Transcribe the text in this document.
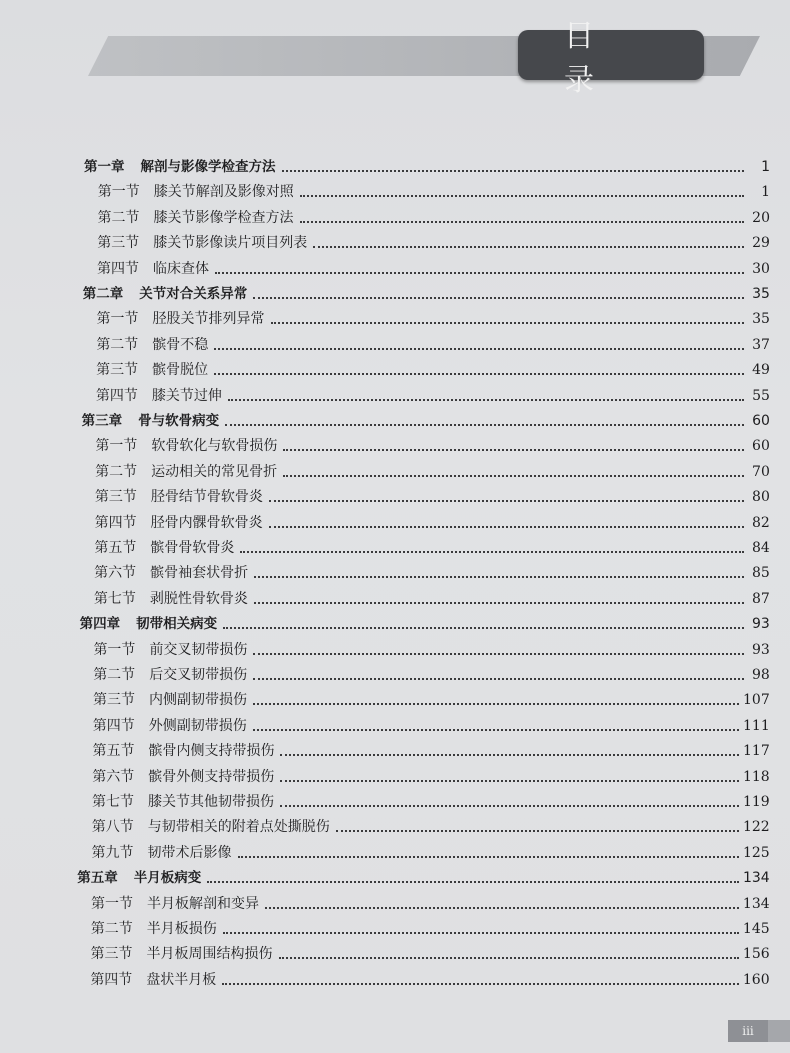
目录
第一章 解剖与影像学检查方法	1
第一节 膝关节解剖及影像对照	1
第二节 膝关节影像学检查方法	20
第三节 膝关节影像读片项目列表	29
第四节 临床查体	30
第二章 关节对合关系异常	35
第一节 胫股关节排列异常	35
第二节 髌骨不稳	37
第三节 髌骨脱位	49
第四节 膝关节过伸	55
第三章 骨与软骨病变	60
第一节 软骨软化与软骨损伤	60
第二节 运动相关的常见骨折	70
第三节 胫骨结节骨软骨炎	80
第四节 胫骨内髁骨软骨炎	82
第五节 髌骨骨软骨炎	84
第六节 髌骨袖套状骨折	85
第七节 剥脱性骨软骨炎	87
第四章 韧带相关病变	93
第一节 前交叉韧带损伤	93
第二节 后交叉韧带损伤	98
第三节 内侧副韧带损伤	107
第四节 外侧副韧带损伤	111
第五节 髌骨内侧支持带损伤	117
第六节 髌骨外侧支持带损伤	118
第七节 膝关节其他韧带损伤	119
第八节 与韧带相关的附着点处撕脱伤	122
第九节 韧带术后影像	125
第五章 半月板病变	134
第一节 半月板解剖和变异	134
第二节 半月板损伤	145
第三节 半月板周围结构损伤	156
第四节 盘状半月板	160
iii
